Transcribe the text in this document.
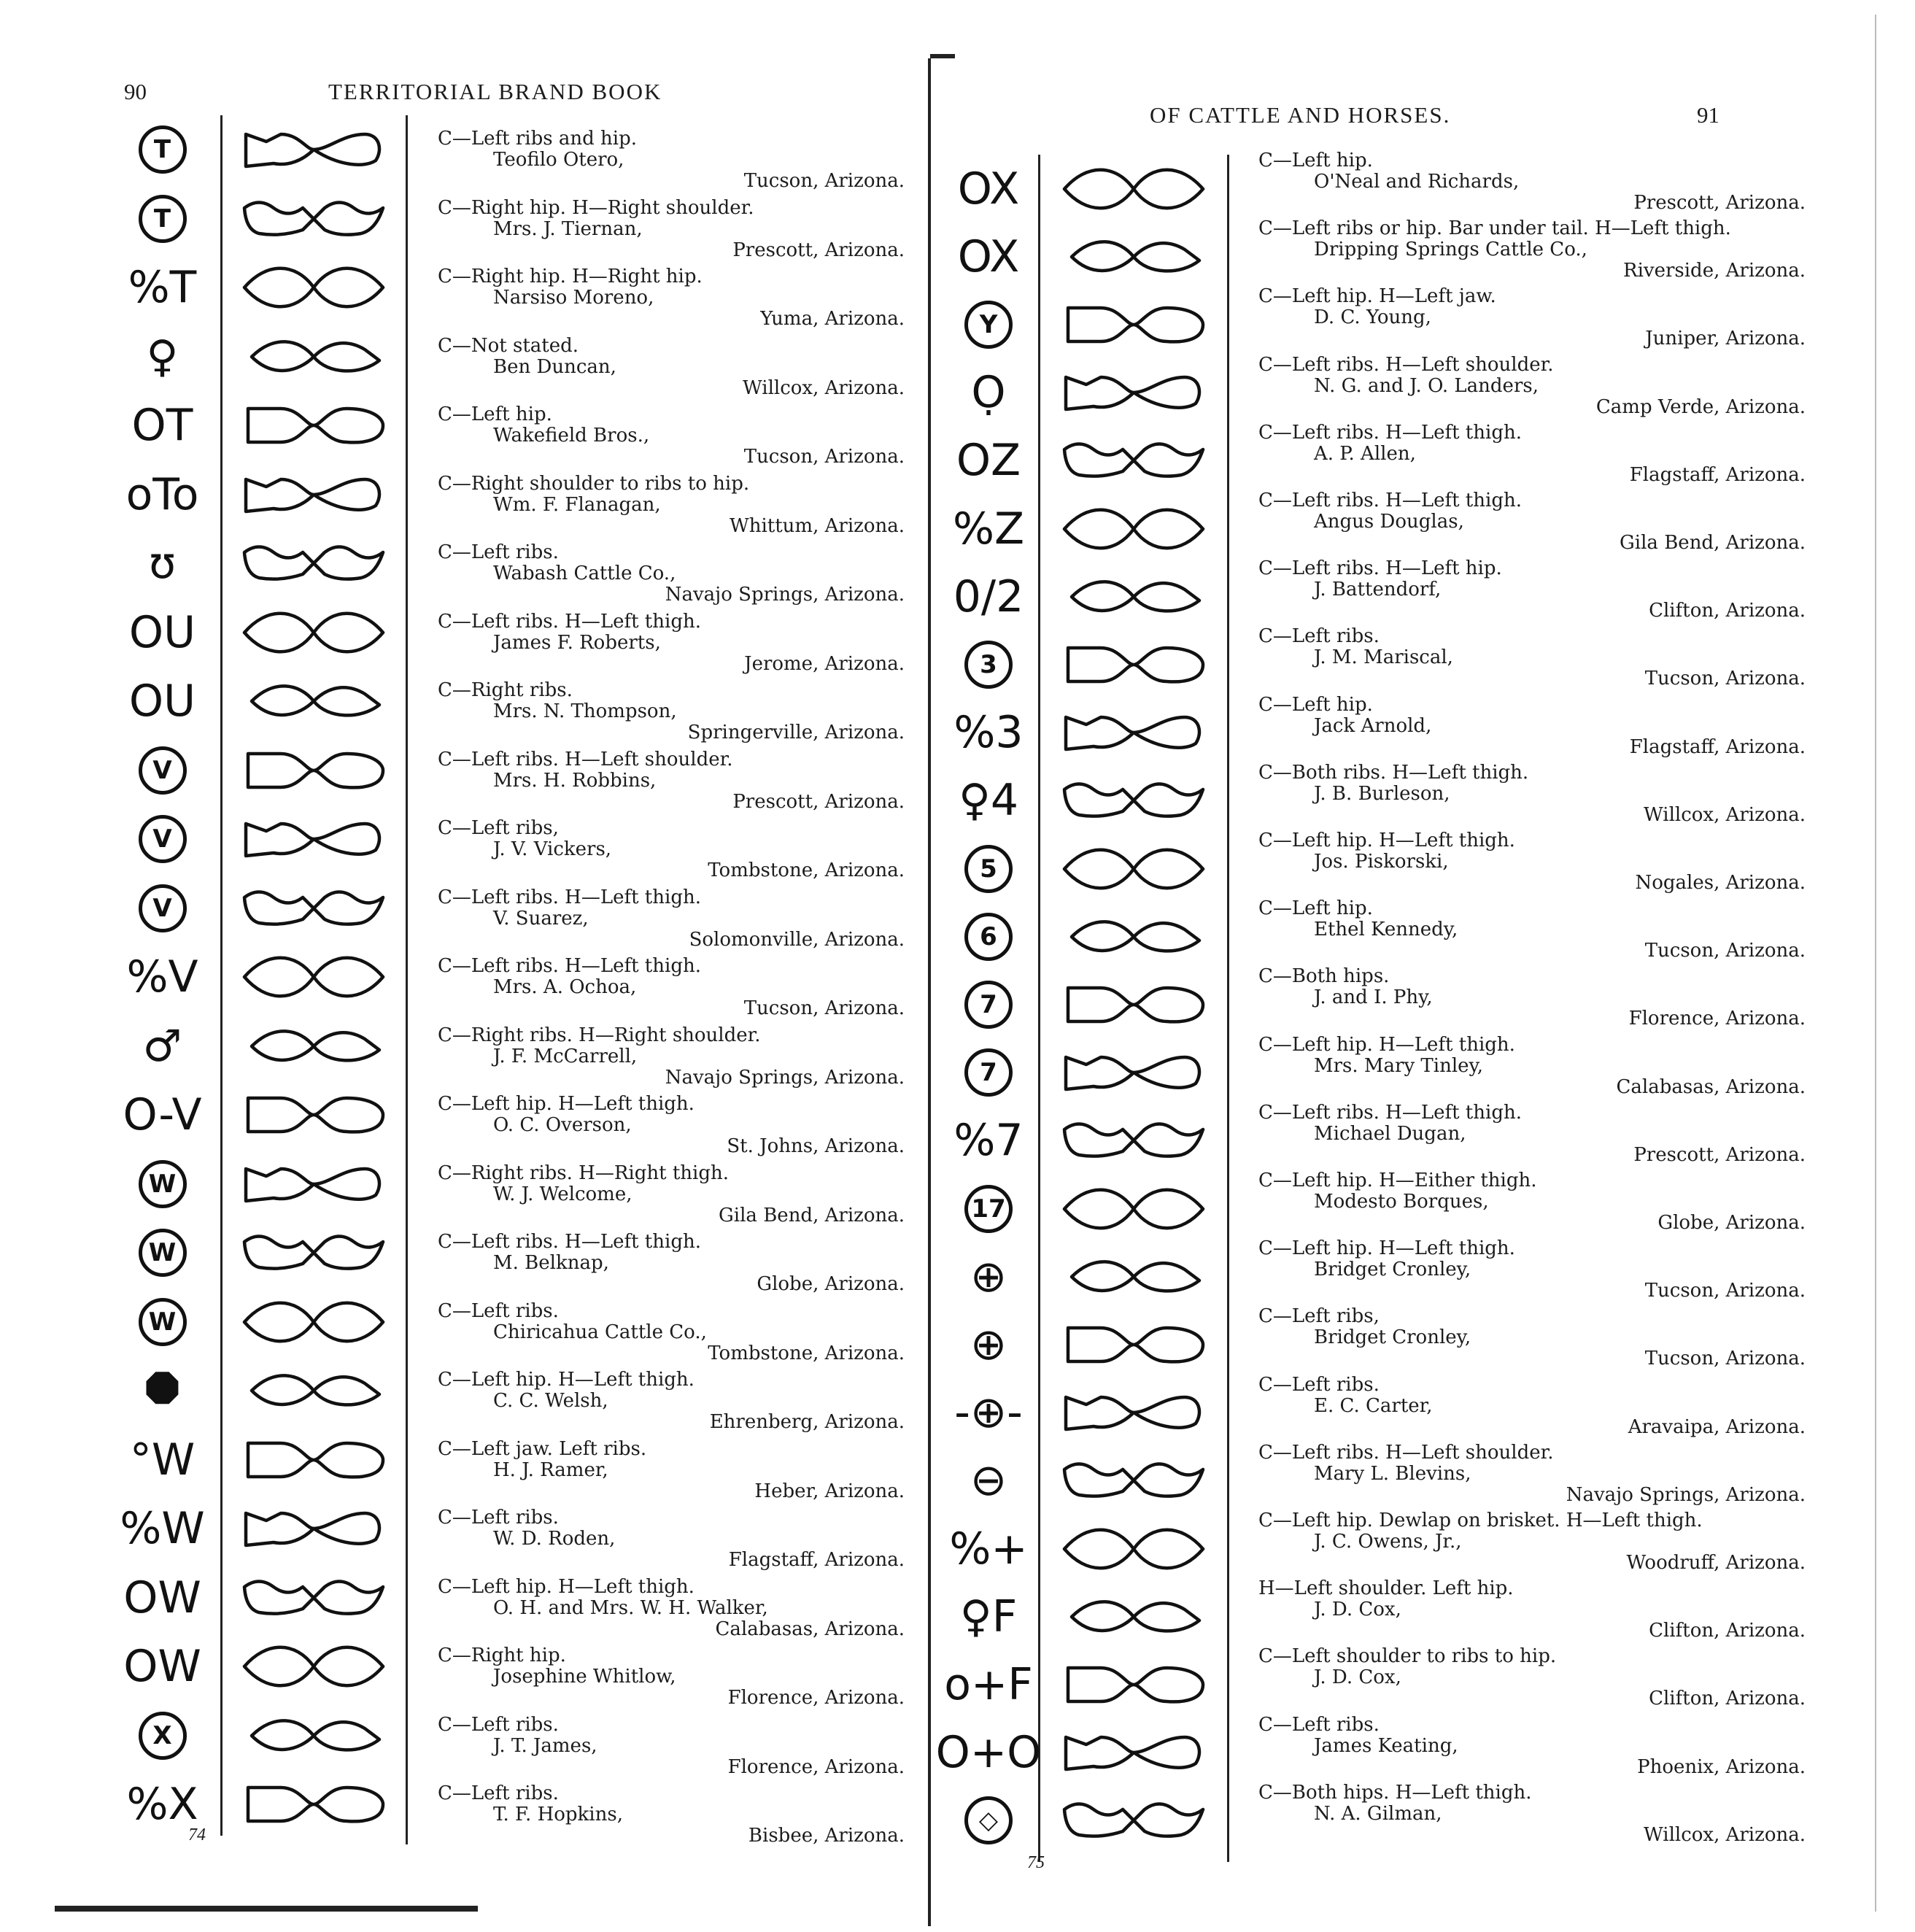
90	TERRITORIAL BRAND BOOK
T
T
%T
♀
OT
oTo
ʊ
OU
OU
V
V
V
%V
♂
O-V
W
W
W
⯃
°W
%W
OW
OW
X
%X
C—Left ribs and hip.
Teofilo Otero,
Tucson, Arizona.
C—Right hip. H—Right shoulder.
Mrs. J. Tiernan,
Prescott, Arizona.
C—Right hip. H—Right hip.
Narsiso Moreno,
Yuma, Arizona.
C—Not stated.
Ben Duncan,
Willcox, Arizona.
C—Left hip.
Wakefield Bros.,
Tucson, Arizona.
C—Right shoulder to ribs to hip.
Wm. F. Flanagan,
Whittum, Arizona.
C—Left ribs.
Wabash Cattle Co.,
Navajo Springs, Arizona.
C—Left ribs. H—Left thigh.
James F. Roberts,
Jerome, Arizona.
C—Right ribs.
Mrs. N. Thompson,
Springerville, Arizona.
C—Left ribs. H—Left shoulder.
Mrs. H. Robbins,
Prescott, Arizona.
C—Left ribs,
J. V. Vickers,
Tombstone, Arizona.
C—Left ribs. H—Left thigh.
V. Suarez,
Solomonville, Arizona.
C—Left ribs. H—Left thigh.
Mrs. A. Ochoa,
Tucson, Arizona.
C—Right ribs. H—Right shoulder.
J. F. McCarrell,
Navajo Springs, Arizona.
C—Left hip. H—Left thigh.
O. C. Overson,
St. Johns, Arizona.
C—Right ribs. H—Right thigh.
W. J. Welcome,
Gila Bend, Arizona.
C—Left ribs. H—Left thigh.
M. Belknap,
Globe, Arizona.
C—Left ribs.
Chiricahua Cattle Co.,
Tombstone, Arizona.
C—Left hip. H—Left thigh.
C. C. Welsh,
Ehrenberg, Arizona.
C—Left jaw. Left ribs.
H. J. Ramer,
Heber, Arizona.
C—Left ribs.
W. D. Roden,
Flagstaff, Arizona.
C—Left hip. H—Left thigh.
O. H. and Mrs. W. H. Walker,
Calabasas, Arizona.
C—Right hip.
Josephine Whitlow,
Florence, Arizona.
C—Left ribs.
J. T. James,
Florence, Arizona.
C—Left ribs.
T. F. Hopkins,
Bisbee, Arizona.
74
OF CATTLE AND HORSES.	91
OX
OX
Y
Ọ
OZ
%Z
0/2
3
%3
♀4
5
6
7
7
%7
17
⊕
⊕
-⊕-
⊖
%+
♀F
o+F
O+O
◇
C—Left hip.
O'Neal and Richards,
Prescott, Arizona.
C—Left ribs or hip. Bar under tail. H—Left thigh.
Dripping Springs Cattle Co.,
Riverside, Arizona.
C—Left hip. H—Left jaw.
D. C. Young,
Juniper, Arizona.
C—Left ribs. H—Left shoulder.
N. G. and J. O. Landers,
Camp Verde, Arizona.
C—Left ribs. H—Left thigh.
A. P. Allen,
Flagstaff, Arizona.
C—Left ribs. H—Left thigh.
Angus Douglas,
Gila Bend, Arizona.
C—Left ribs. H—Left hip.
J. Battendorf,
Clifton, Arizona.
C—Left ribs.
J. M. Mariscal,
Tucson, Arizona.
C—Left hip.
Jack Arnold,
Flagstaff, Arizona.
C—Both ribs. H—Left thigh.
J. B. Burleson,
Willcox, Arizona.
C—Left hip. H—Left thigh.
Jos. Piskorski,
Nogales, Arizona.
C—Left hip.
Ethel Kennedy,
Tucson, Arizona.
C—Both hips.
J. and I. Phy,
Florence, Arizona.
C—Left hip. H—Left thigh.
Mrs. Mary Tinley,
Calabasas, Arizona.
C—Left ribs. H—Left thigh.
Michael Dugan,
Prescott, Arizona.
C—Left hip. H—Either thigh.
Modesto Borques,
Globe, Arizona.
C—Left hip. H—Left thigh.
Bridget Cronley,
Tucson, Arizona.
C—Left ribs,
Bridget Cronley,
Tucson, Arizona.
C—Left ribs.
E. C. Carter,
Aravaipa, Arizona.
C—Left ribs. H—Left shoulder.
Mary L. Blevins,
Navajo Springs, Arizona.
C—Left hip. Dewlap on brisket. H—Left thigh.
J. C. Owens, Jr.,
Woodruff, Arizona.
H—Left shoulder. Left hip.
J. D. Cox,
Clifton, Arizona.
C—Left shoulder to ribs to hip.
J. D. Cox,
Clifton, Arizona.
C—Left ribs.
James Keating,
Phoenix, Arizona.
C—Both hips. H—Left thigh.
N. A. Gilman,
Willcox, Arizona.
75
